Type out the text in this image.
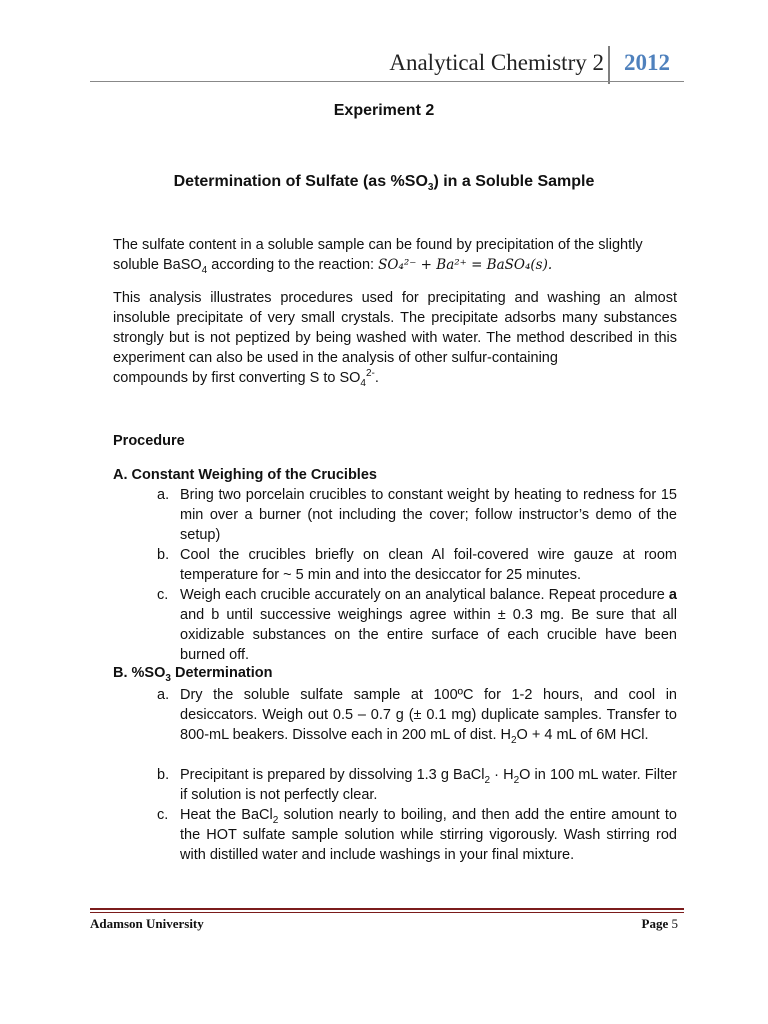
Analytical Chemistry 2 2012
Experiment 2
Determination of Sulfate (as $\%SO_3$) in a Soluble Sample
The sulfate content in a soluble sample can be found by precipitation of the slightly
soluble BaSO$_4$ according to the reaction: SO₄²⁻ + Ba²⁺ = BaSO₄(s).
This analysis illustrates procedures used for precipitating and washing an almost insoluble precipitate of very small crystals. The precipitate adsorbs many substances strongly but is not peptized by being washed with water. The method described in this experiment can also be used in the analysis of other sulfur-containing
compounds by first converting S to $SO_4^{2-}$.
Procedure
A. Constant Weighing of the Crucibles
a. Bring two porcelain crucibles to constant weight by heating to redness for 15 min over a burner (not including the cover; follow instructor’s demo of the setup)
b. Cool the crucibles briefly on clean Al foil-covered wire gauze at room temperature for ~ 5 min and into the desiccator for 25 minutes.
c. Weigh each crucible accurately on an analytical balance. Repeat procedure a and b until successive weighings agree within ± 0.3 mg. Be sure that all oxidizable substances on the entire surface of each crucible have been burned off.
B. $\%SO_3$ Determination
a. Dry the soluble sulfate sample at 100ºC for 1-2 hours, and cool in desiccators. Weigh out 0.5 – 0.7 g (± 0.1 mg) duplicate samples. Transfer to 800-mL beakers. Dissolve each in 200 mL of dist. $H_2O + 4$ mL of 6M HCl.
b. Precipitant is prepared by dissolving 1.3 g BaCl$_2$ · $H_2O$ in 100 mL water. Filter if solution is not perfectly clear.
c. Heat the BaCl$_2$ solution nearly to boiling, and then add the entire amount to the HOT sulfate sample solution while stirring vigorously. Wash stirring rod with distilled water and include washings in your final mixture.
Adamson University	Page 5
